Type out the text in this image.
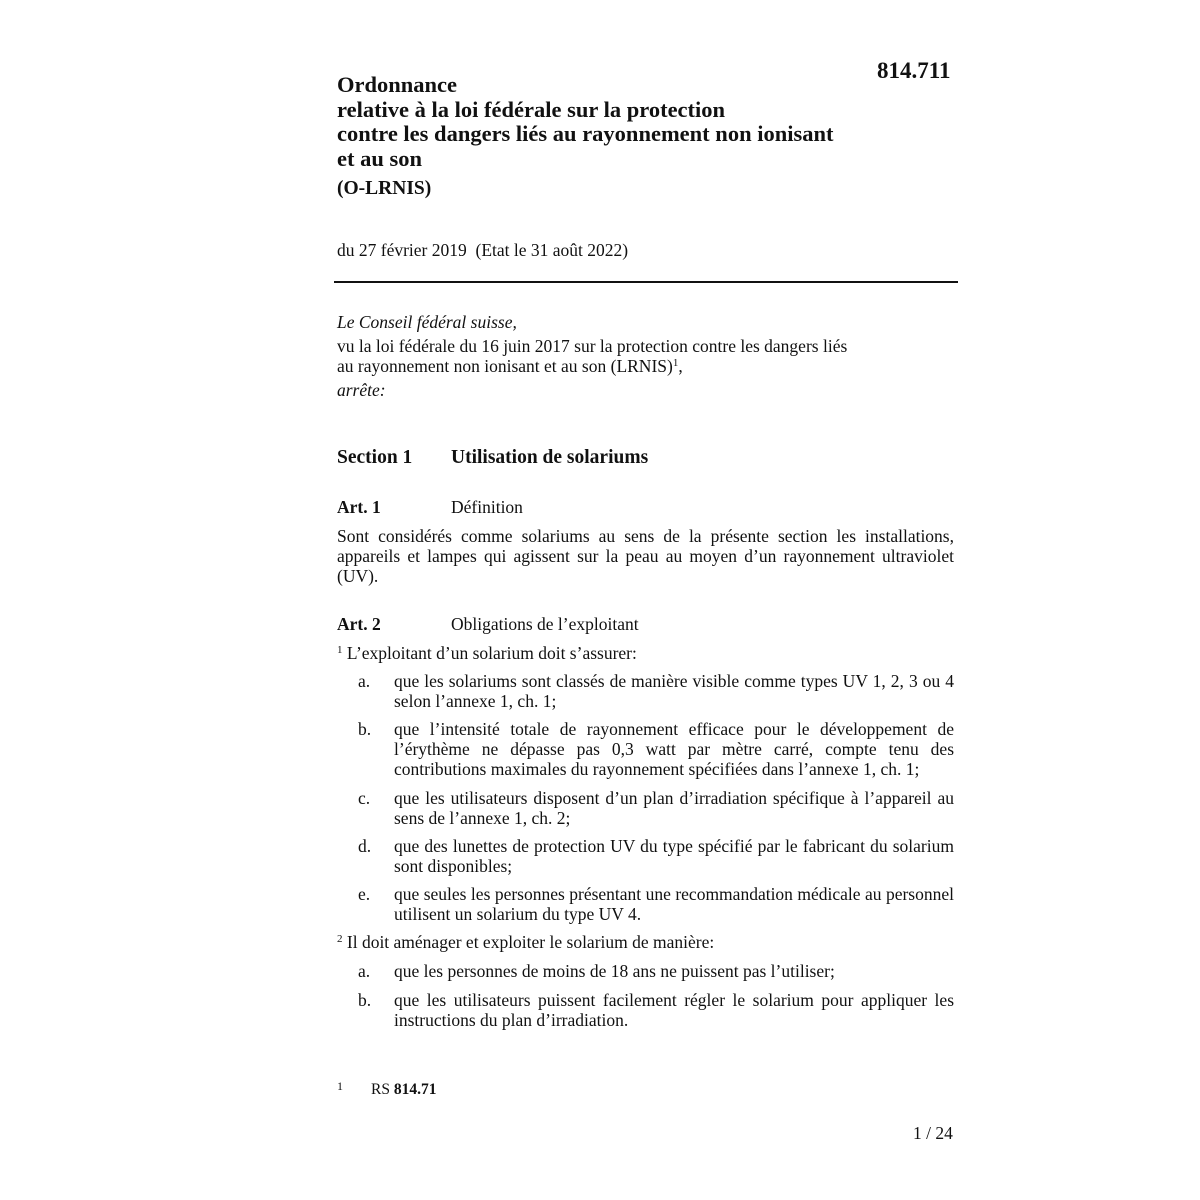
814.711
Ordonnance
relative à la loi fédérale sur la protection
contre les dangers liés au rayonnement non ionisant
et au son
(O-LRNIS)
du 27 février 2019 (Etat le 31 août 2022)
Le Conseil fédéral suisse,
vu la loi fédérale du 16 juin 2017 sur la protection contre les dangers liés
au rayonnement non ionisant et au son (LRNIS)$^1$,
arrête:
Section 1 Utilisation de solariums
Art. 1	Définition
Sont considérés comme solariums au sens de la présente section les installations, appareils et lampes qui agissent sur la peau au moyen d’un rayonnement ultraviolet (UV).
Art. 2	Obligations de l’exploitant
$^1$ L’exploitant d’un solarium doit s’assurer:
a. que les solariums sont classés de manière visible comme types UV 1, 2, 3 ou 4 selon l’annexe 1, ch. 1;
b. que l’intensité totale de rayonnement efficace pour le développement de l’érythème ne dépasse pas 0,3 watt par mètre carré, compte tenu des contributions maximales du rayonnement spécifiées dans l’annexe 1, ch. 1;
c. que les utilisateurs disposent d’un plan d’irradiation spécifique à l’appareil au sens de l’annexe 1, ch. 2;
d. que des lunettes de protection UV du type spécifié par le fabricant du solarium sont disponibles;
e. que seules les personnes présentant une recommandation médicale au personnel utilisent un solarium du type UV 4.
$^2$ Il doit aménager et exploiter le solarium de manière:
a. que les personnes de moins de 18 ans ne puissent pas l’utiliser;
b. que les utilisateurs puissent facilement régler le solarium pour appliquer les instructions du plan d’irradiation.
1 RS 814.71
1 / 24
